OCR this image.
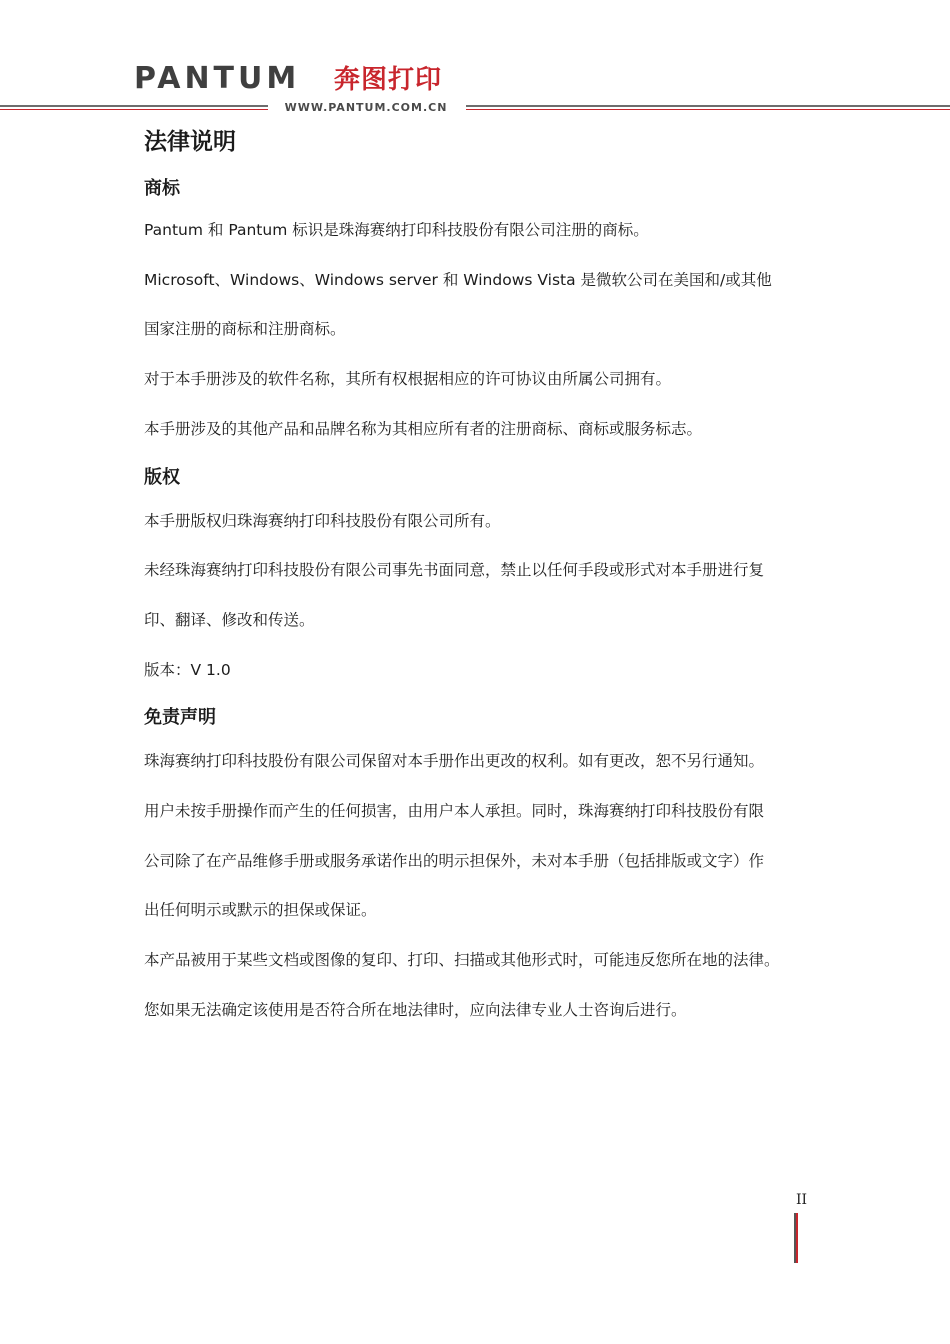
PANTUM 奔图打印
WWW.PANTUM.COM.CN
法律说明
商标

Pantum 和 Pantum 标识是珠海赛纳打印科技股份有限公司注册的商标。

Microsoft、Windows、Windows server 和 Windows Vista 是微软公司在美国和/或其他

国家注册的商标和注册商标。

对于本手册涉及的软件名称，其所有权根据相应的许可协议由所属公司拥有。

本手册涉及的其他产品和品牌名称为其相应所有者的注册商标、商标或服务标志。

版权

本手册版权归珠海赛纳打印科技股份有限公司所有。

未经珠海赛纳打印科技股份有限公司事先书面同意，禁止以任何手段或形式对本手册进行复

印、翻译、修改和传送。

版本：V 1.0

免责声明

珠海赛纳打印科技股份有限公司保留对本手册作出更改的权利。如有更改，恕不另行通知。

用户未按手册操作而产生的任何损害，由用户本人承担。同时，珠海赛纳打印科技股份有限

公司除了在产品维修手册或服务承诺作出的明示担保外，未对本手册（包括排版或文字）作

出任何明示或默示的担保或保证。

本产品被用于某些文档或图像的复印、打印、扫描或其他形式时，可能违反您所在地的法律。

您如果无法确定该使用是否符合所在地法律时，应向法律专业人士咨询后进行。

II
